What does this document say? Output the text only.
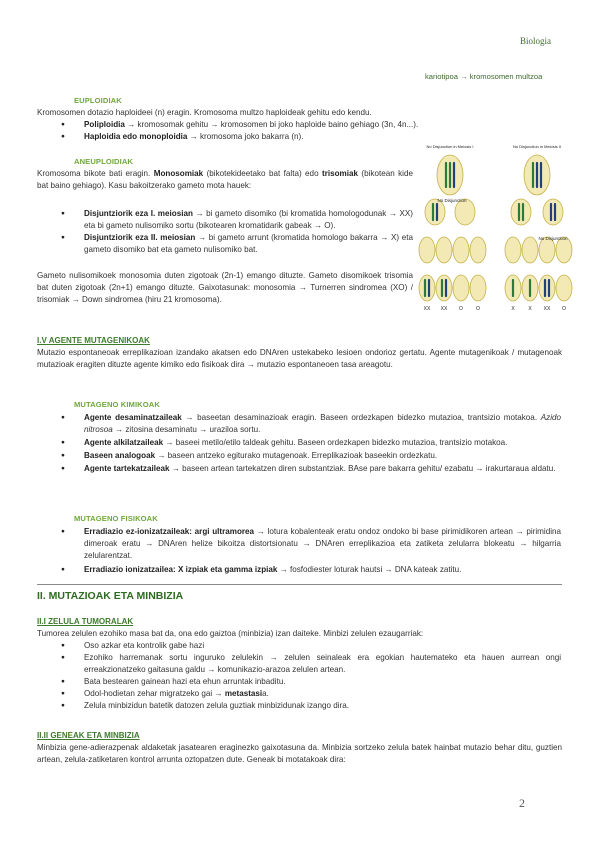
Biologia
kariotipoa → kromosomen multzoa
EUPLOIDIAK
Kromosomen dotazio haploideei (n) eragin. Kromosoma multzo haploideak gehitu edo kendu.
● Poliploidia → kromosomak gehitu → kromosomen bi joko haploide baino gehiago (3n, 4n...).
● Haploidia edo monoploidia → kromosoma joko bakarra (n).
ANEUPLOIDIAK
Kromosoma bikote bati eragin. Monosomiak (bikotekideetako bat falta) edo trisomiak (bikotean kide bat baino gehiago). Kasu bakoitzerako gameto mota hauek:
● Disjuntziorik eza I. meiosian → bi gameto disomiko (bi kromatida homologodunak → XX) eta bi gameto nulisomiko sortu (bikotearen kromatidarik gabeak → O).
● Disjuntziorik eza II. meiosian → bi gameto arrunt (kromatida homologo bakarra → X) eta gameto disomiko bat eta gameto nulisomiko bat.
Gameto nulisomikoek monosomia duten zigotoak (2n-1) emango dituzte. Gameto disomikoek trisomia bat duten zigotoak (2n+1) emango dituzte. Gaixotasunak: monosomia → Turnerren sindromea (XO) / trisomiak → Down sindromea (hiru 21 kromosoma).
No Disjunction in Meiosis I	No Disjunction in Meiosis II
No Disjunction
No Disjunction
XX XX O	O	X	X XX O
I.V AGENTE MUTAGENIKOAK
Mutazio espontaneoak erreplikazioan izandako akatsen edo DNAren ustekabeko lesioen ondorioz gertatu. Agente mutagenikoak / mutagenoak mutazioak eragiten dituzte agente kimiko edo fisikoak dira → mutazio espontaneoen tasa areagotu.
MUTAGENO KIMIKOAK
● Agente desaminatzaileak → baseetan desaminazioak eragin. Baseen ordezkapen bidezko mutazioa, trantsizio motakoa. Azido nitrosoa → zitosina desaminatu → uraziloa sortu.
● Agente alkilatzaileak → baseei metilo/etilo taldeak gehitu. Baseen ordezkapen bidezko mutazioa, trantsizio motakoa.
● Baseen analogoak → baseen antzeko egiturako mutagenoak. Erreplikazioak baseekin ordezkatu.
● Agente tartekatzaileak → baseen artean tartekatzen diren substantziak. BAse pare bakarra gehitu/ ezabatu → irakurtaraua aldatu.
MUTAGENO FISIKOAK
● Erradiazio ez-ionizatzaileak: argi ultramorea → lotura kobalenteak eratu ondoz ondoko bi base pirimidikoren artean → pirimidina dimeroak eratu → DNAren helize bikoitza distortsionatu → DNAren erreplikazioa eta zatiketa zelularra blokeatu → hilgarria zelularentzat.
● Erradiazio ionizatzailea: X izpiak eta gamma izpiak → fosfodiester loturak hautsi → DNA kateak zatitu.
II. MUTAZIOAK ETA MINBIZIA
II.I ZELULA TUMORALAK
Tumorea zelulen ezohiko masa bat da, ona edo gaiztoa (minbizia) izan daiteke. Minbizi zelulen ezaugarriak:
● Oso azkar eta kontrolik gabe hazi
● Ezohiko harremanak sortu inguruko zelulekin → zelulen seinaleak era egokian hautemateko eta hauen aurrean ongi erreakzionatzeko gaitasuna galdu → komunikazio-arazoa zelulen artean.
● Bata bestearen gainean hazi eta ehun arruntak inbaditu.
● Odol-hodietan zehar migratzeko gai → metastasia.
● Zelula minbizidun batetik datozen zelula guztiak minbizidunak izango dira.
II.II GENEAK ETA MINBIZIA
Minbizia gene-adierazpenak aldaketak jasatearen eraginezko gaixotasuna da. Minbizia sortzeko zelula batek hainbat mutazio behar ditu, guztien artean, zelula-zatiketaren kontrol arrunta oztopatzen dute. Geneak bi motatakoak dira:
2
